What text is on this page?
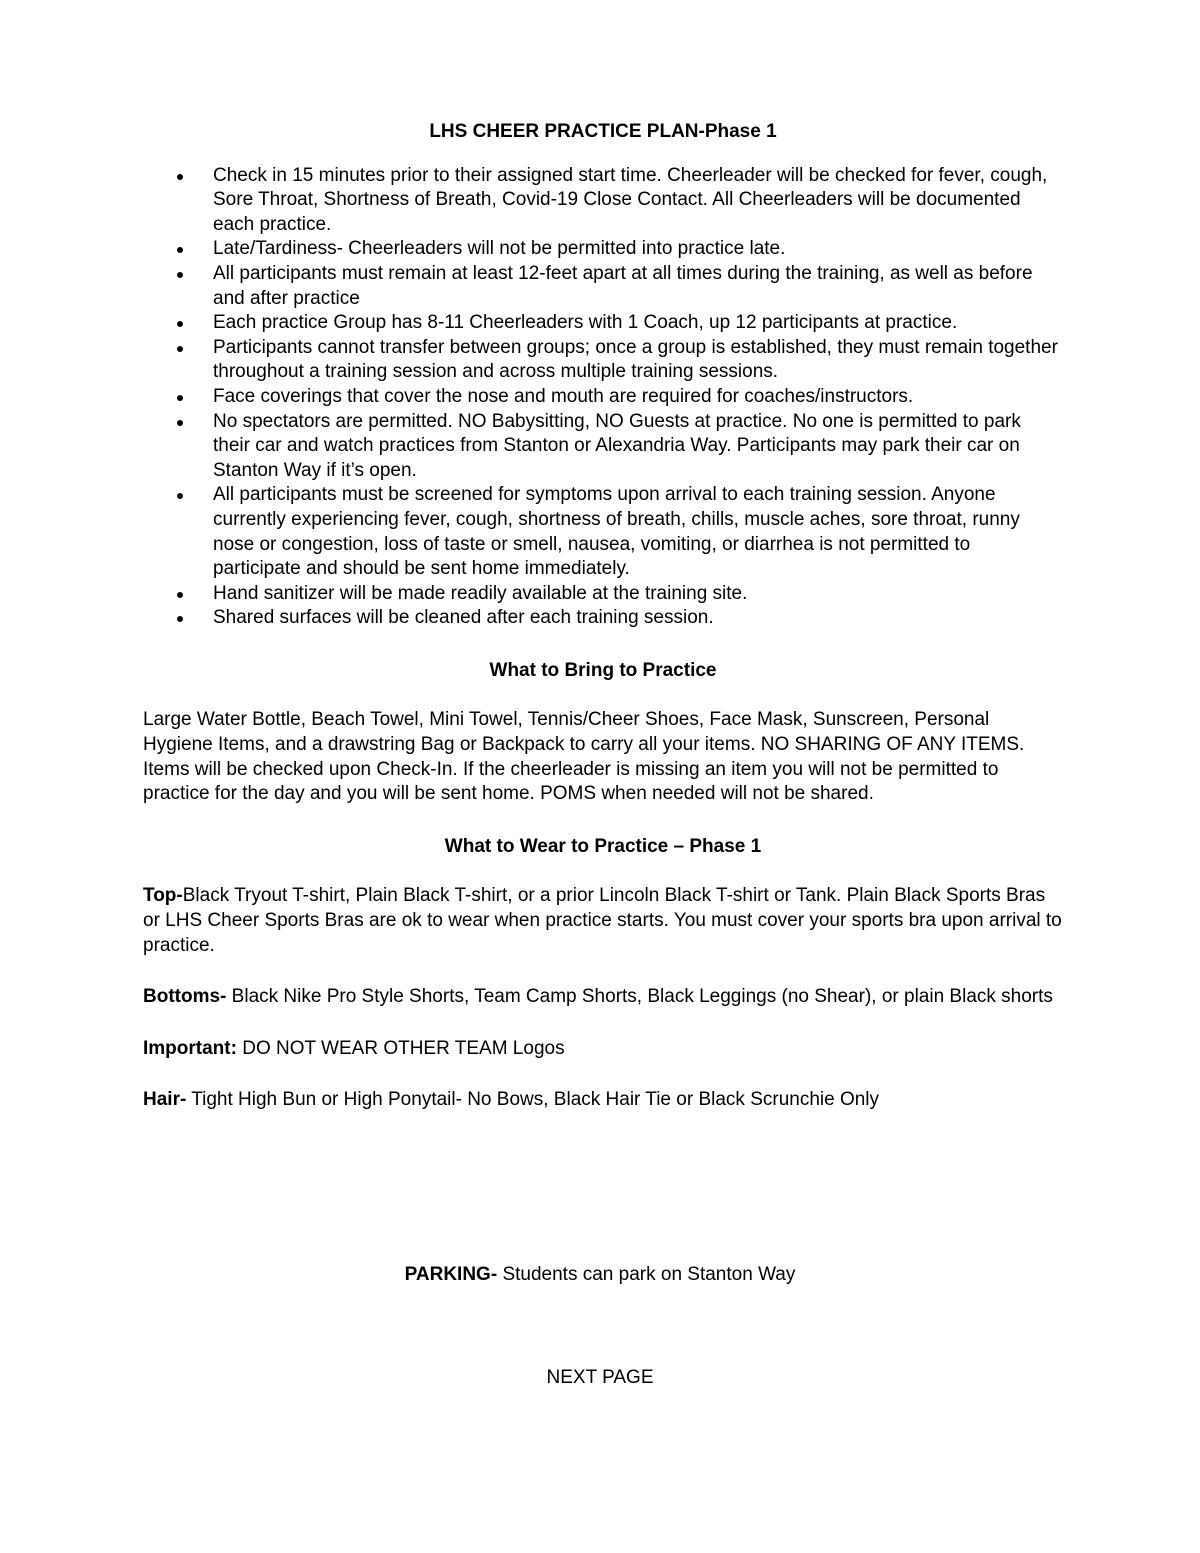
LHS CHEER PRACTICE PLAN-Phase 1
Check in 15 minutes prior to their assigned start time. Cheerleader will be checked for fever, cough, Sore Throat, Shortness of Breath, Covid-19 Close Contact. All Cheerleaders will be documented each practice.
Late/Tardiness- Cheerleaders will not be permitted into practice late.
All participants must remain at least 12-feet apart at all times during the training, as well as before and after practice
Each practice Group has 8-11 Cheerleaders with 1 Coach, up 12 participants at practice.
Participants cannot transfer between groups; once a group is established, they must remain together throughout a training session and across multiple training sessions.
Face coverings that cover the nose and mouth are required for coaches/instructors.
No spectators are permitted. NO Babysitting, NO Guests at practice. No one is permitted to park their car and watch practices from Stanton or Alexandria Way. Participants may park their car on Stanton Way if it’s open.
All participants must be screened for symptoms upon arrival to each training session. Anyone currently experiencing fever, cough, shortness of breath, chills, muscle aches, sore throat, runny nose or congestion, loss of taste or smell, nausea, vomiting, or diarrhea is not permitted to participate and should be sent home immediately.
Hand sanitizer will be made readily available at the training site.
Shared surfaces will be cleaned after each training session.
What to Bring to Practice

Large Water Bottle, Beach Towel, Mini Towel, Tennis/Cheer Shoes, Face Mask, Sunscreen, Personal Hygiene Items, and a drawstring Bag or Backpack to carry all your items. NO SHARING OF ANY ITEMS. Items will be checked upon Check-In. If the cheerleader is missing an item you will not be permitted to practice for the day and you will be sent home. POMS when needed will not be shared.

What to Wear to Practice – Phase 1

Top-Black Tryout T-shirt, Plain Black T-shirt, or a prior Lincoln Black T-shirt or Tank. Plain Black Sports Bras or LHS Cheer Sports Bras are ok to wear when practice starts. You must cover your sports bra upon arrival to practice.

Bottoms- Black Nike Pro Style Shorts, Team Camp Shorts, Black Leggings (no Shear), or plain Black shorts

Important: DO NOT WEAR OTHER TEAM Logos

Hair- Tight High Bun or High Ponytail- No Bows, Black Hair Tie or Black Scrunchie Only

PARKING- Students can park on Stanton Way
NEXT PAGE
